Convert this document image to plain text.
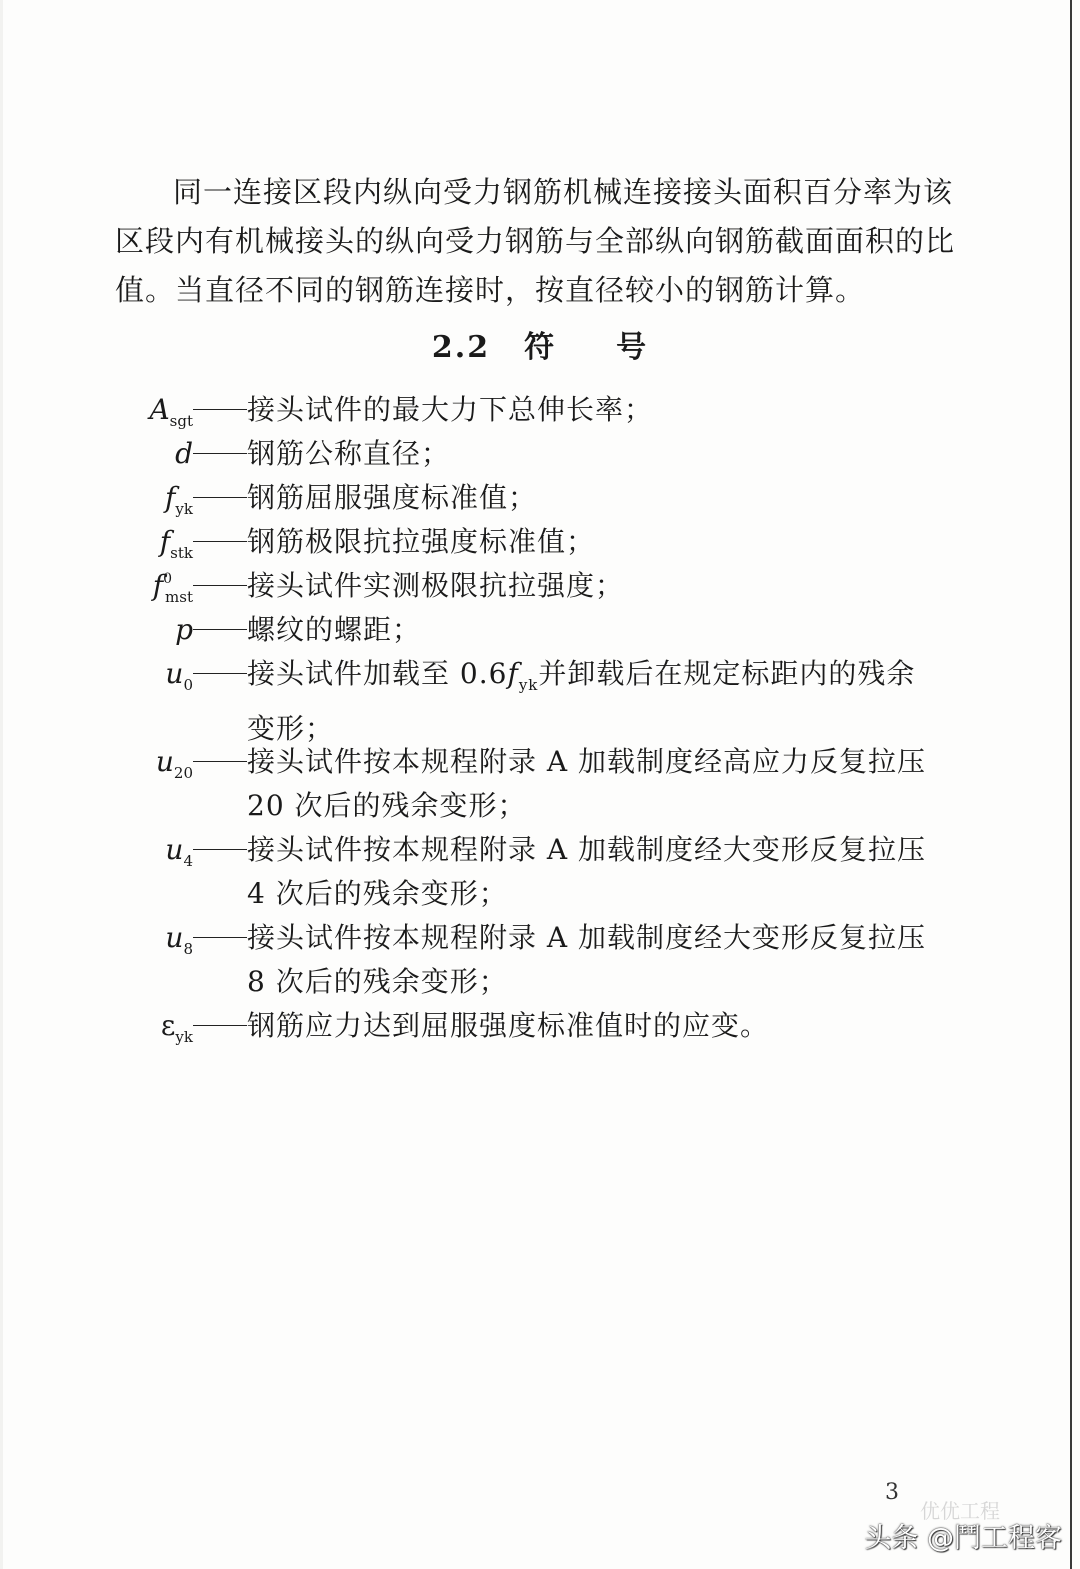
同一连接区段内纵向受力钢筋机械连接接头面积百分率为该
区段内有机械接头的纵向受力钢筋与全部纵向钢筋截面面积的比
值。当直径不同的钢筋连接时，按直径较小的钢筋计算。
2.2 符 号
$A_{sgt}$ 接头试件的最大力下总伸长率；
d 钢筋公称直径；
$f_{yk}$ 钢筋屈服强度标准值；
$f_{stk}$ 钢筋极限抗拉强度标准值；
$f^0_{mst}$ 接头试件实测极限抗拉强度；
p 螺纹的螺距；
$u_0$ 接头试件加载至 $0.6f_{yk}$并卸载后在规定标距内的残余
变形；
$u_{20}$ 接头试件按本规程附录 A 加载制度经高应力反复拉压
20 次后的残余变形；
$u_4$ 接头试件按本规程附录 A 加载制度经大变形反复拉压
4 次后的残余变形；
$u_8$ 接头试件按本规程附录 A 加载制度经大变形反复拉压
8 次后的残余变形；
$\varepsilon_{yk}$ 钢筋应力达到屈服强度标准值时的应变。
3
优优工程
头条 @鬥工程客
